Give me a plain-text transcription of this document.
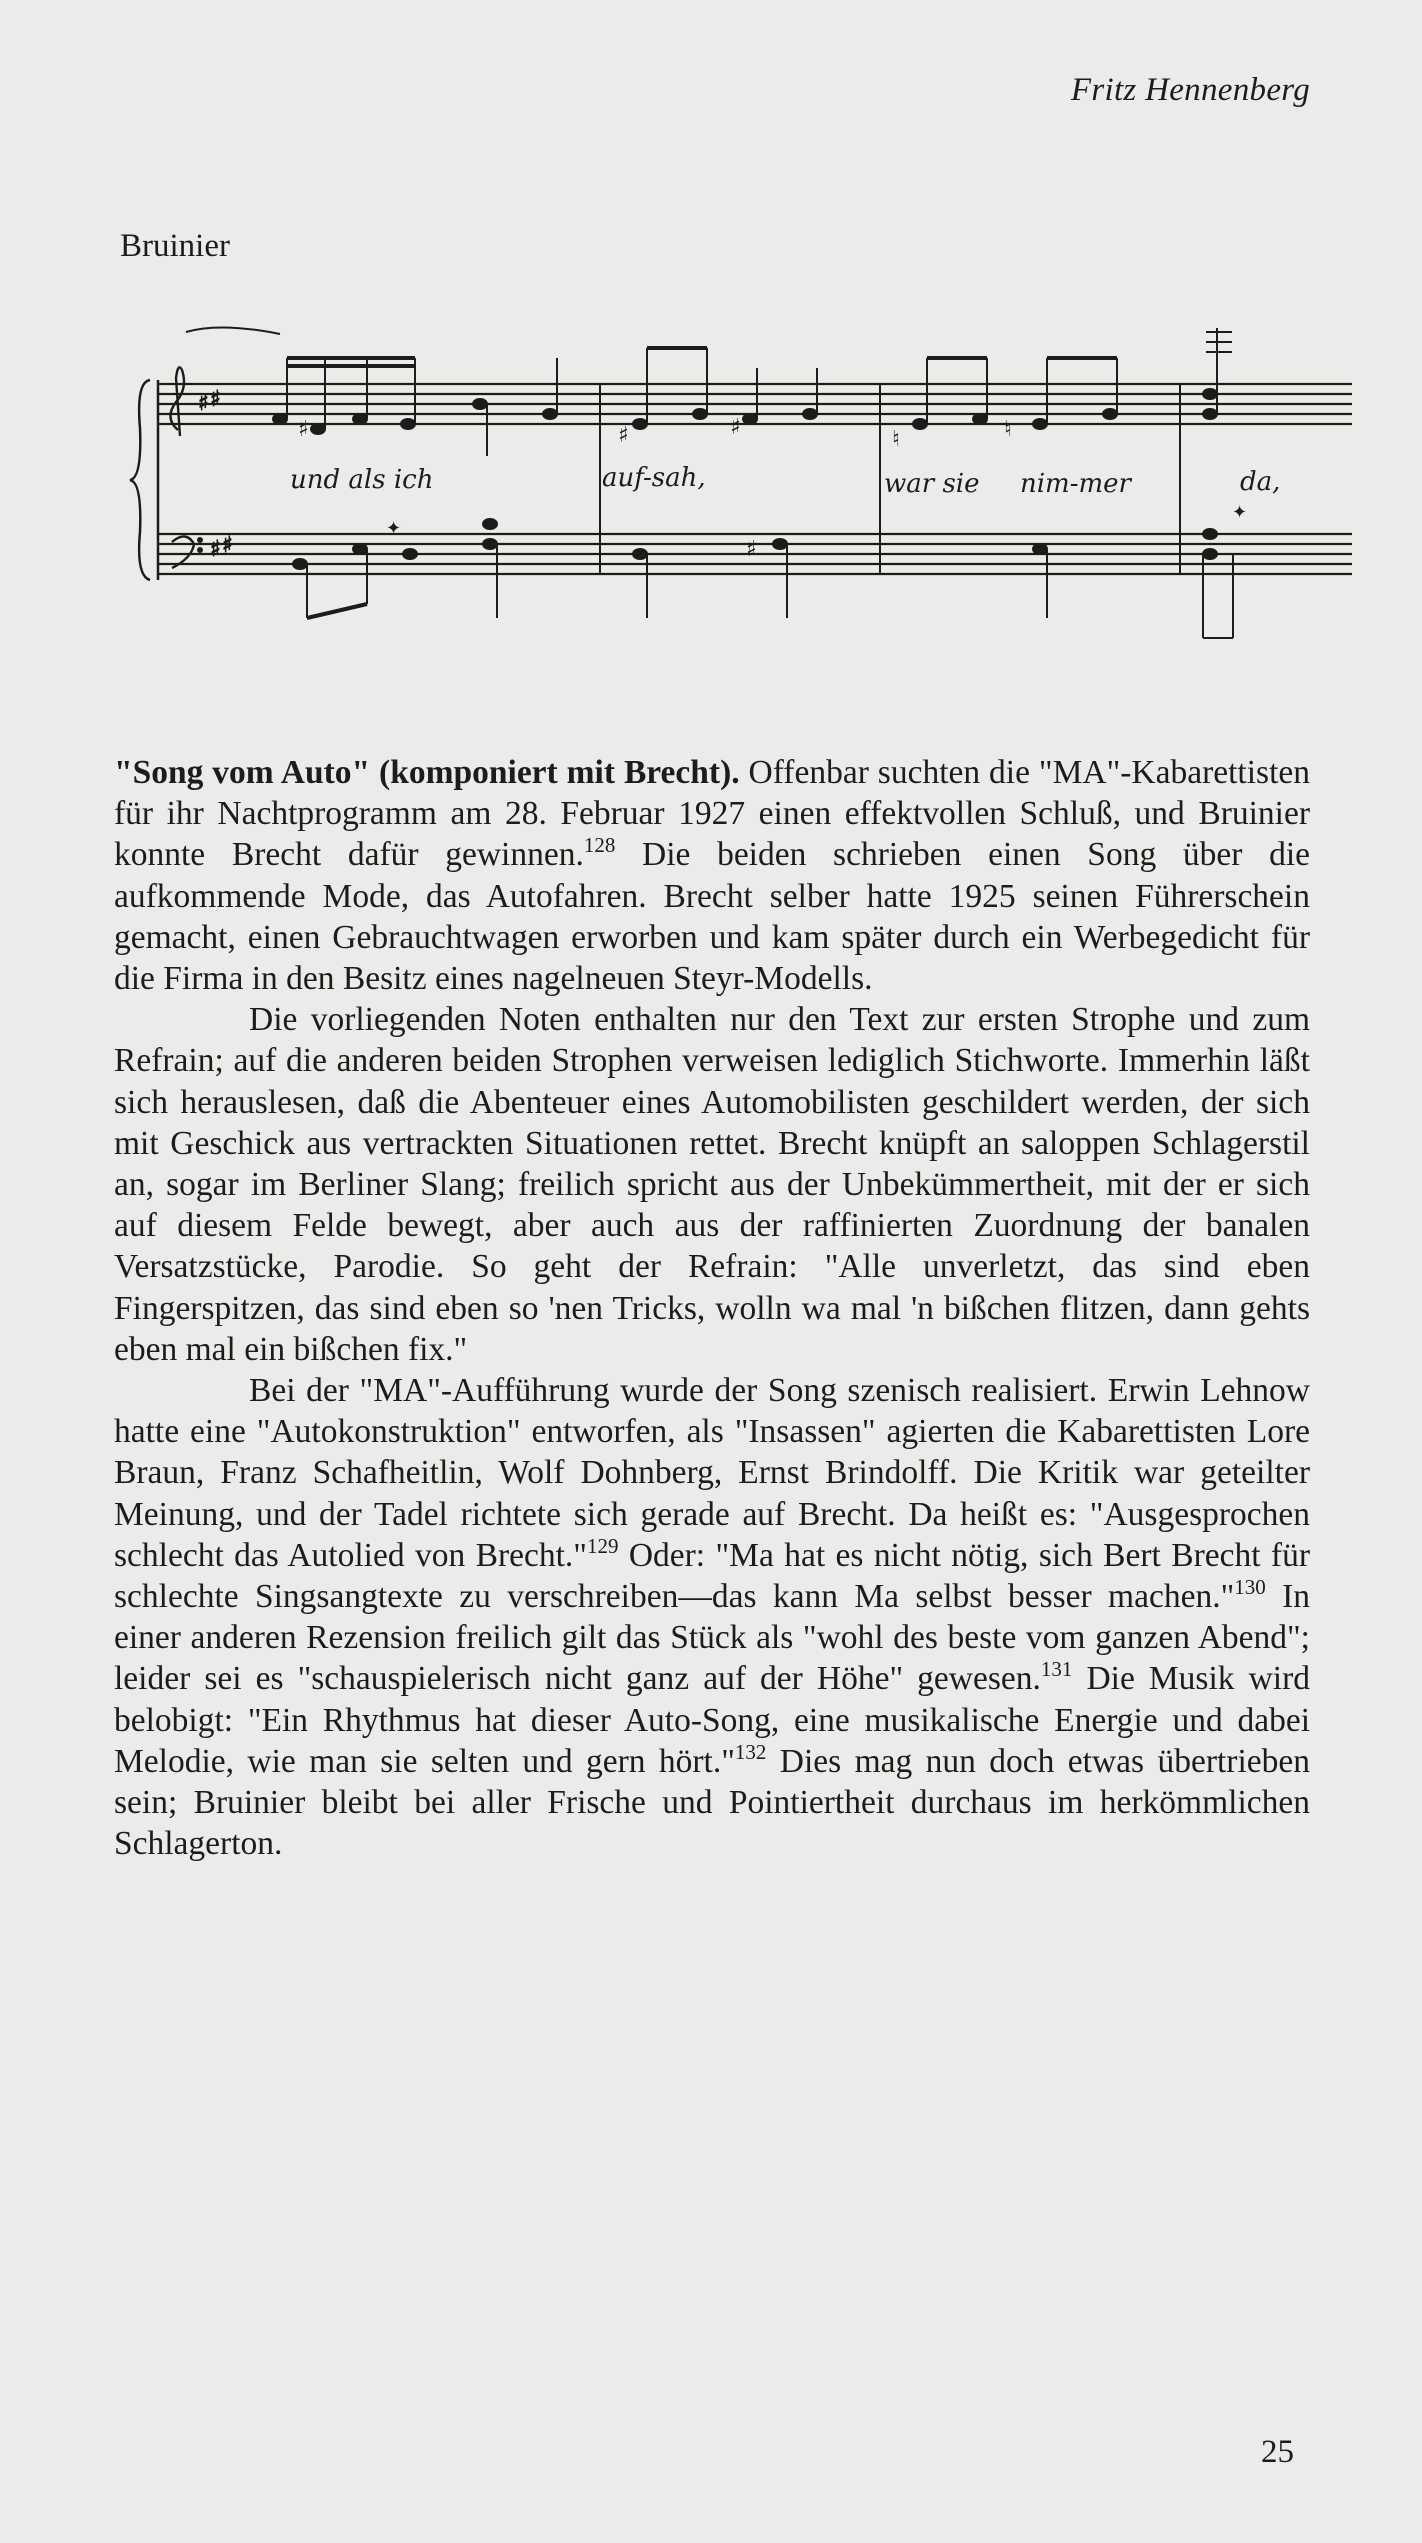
Fritz Hennenberg
Bruinier
♯ ♯
♯ ♯
♯	♯	♯	♮	♮
✦
♯
✦
und als ich	auf-sah,	war sie nim-mer	da,

"Song vom Auto" (komponiert mit Brecht). Offenbar suchten die "MA"-Kabarettisten für ihr Nachtprogramm am 28. Februar 1927 einen effektvollen Schluß, und Bruinier konnte Brecht dafür gewinnen.$^{128}$ Die beiden schrieben einen Song über die aufkommende Mode, das Autofahren. Brecht selber hatte 1925 seinen Führerschein gemacht, einen Gebrauchtwagen erworben und kam später durch ein Werbegedicht für die Firma in den Besitz eines nagelneuen Steyr-Modells.

Die vorliegenden Noten enthalten nur den Text zur ersten Strophe und zum Refrain; auf die anderen beiden Strophen verweisen lediglich Stichworte. Immerhin läßt sich herauslesen, daß die Abenteuer eines Automobilisten geschildert werden, der sich mit Geschick aus vertrackten Situationen rettet. Brecht knüpft an saloppen Schlagerstil an, sogar im Berliner Slang; freilich spricht aus der Unbekümmertheit, mit der er sich auf diesem Felde bewegt, aber auch aus der raffinierten Zuordnung der banalen Versatzstücke, Parodie. So geht der Refrain: "Alle unverletzt, das sind eben Fingerspitzen, das sind eben so 'nen Tricks, wolln wa mal 'n bißchen flitzen, dann gehts eben mal ein bißchen fix."

Bei der "MA"-Aufführung wurde der Song szenisch realisiert. Erwin Lehnow hatte eine "Autokonstruktion" entworfen, als "Insassen" agierten die Kabarettisten Lore Braun, Franz Schafheitlin, Wolf Dohnberg, Ernst Brindolff. Die Kritik war geteilter Meinung, und der Tadel richtete sich gerade auf Brecht. Da heißt es: "Ausgesprochen schlecht das Autolied von Brecht."$^{129}$ Oder: "Ma hat es nicht nötig, sich Bert Brecht für schlechte Singsangtexte zu verschreiben—das kann Ma selbst besser machen."$^{130}$ In einer anderen Rezension freilich gilt das Stück als "wohl des beste vom ganzen Abend"; leider sei es "schauspielerisch nicht ganz auf der Höhe" gewesen.$^{131}$ Die Musik wird belobigt: "Ein Rhythmus hat dieser Auto-Song, eine musikalische Energie und dabei Melodie, wie man sie selten und gern hört."$^{132}$ Dies mag nun doch etwas übertrieben sein; Bruinier bleibt bei aller Frische und Pointiertheit durchaus im herkömmlichen Schlagerton.

25
